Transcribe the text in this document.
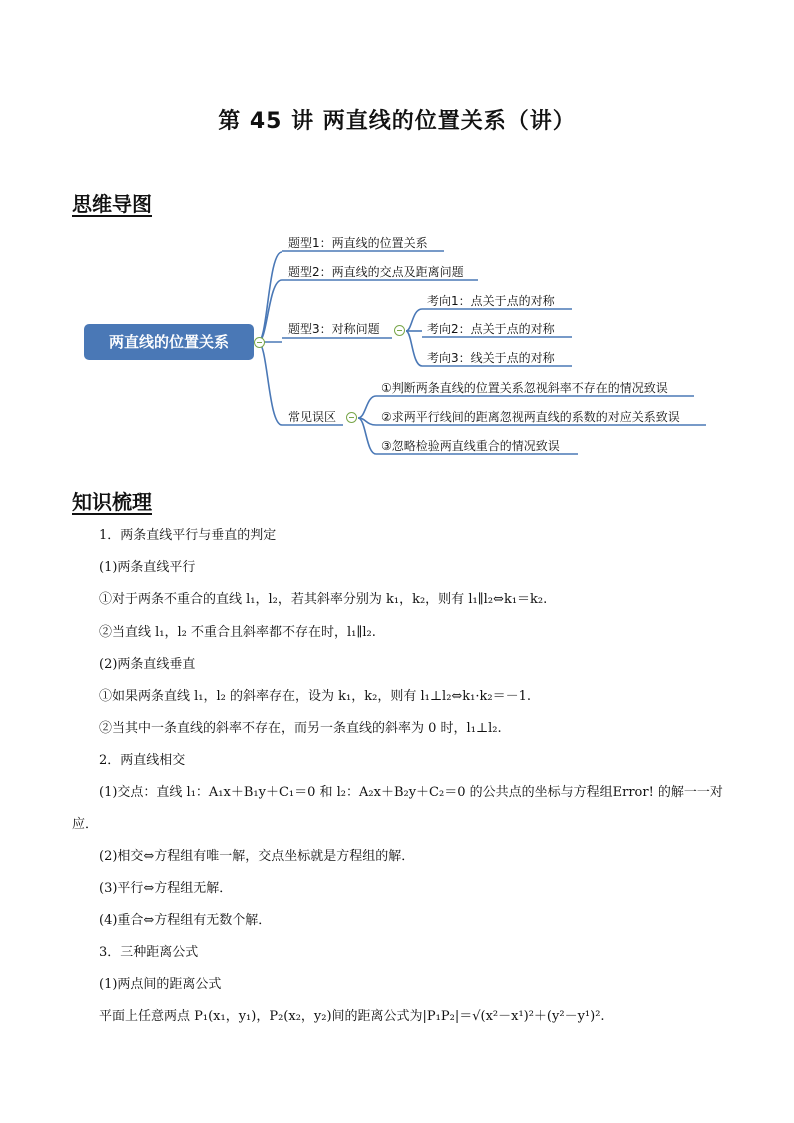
第 45 讲 两直线的位置关系（讲）
思维导图
两直线的位置关系
题型1：两直线的位置关系
题型2：两直线的交点及距离问题
题型3：对称问题
考向1：点关于点的对称
考向2：点关于点的对称
考向3：线关于点的对称
常见误区
①判断两条直线的位置关系忽视斜率不存在的情况致误
②求两平行线间的距离忽视两直线的系数的对应关系致误
③忽略检验两直线重合的情况致误
知识梳理
1．两条直线平行与垂直的判定
(1)两条直线平行
①对于两条不重合的直线 l₁，l₂，若其斜率分别为 k₁，k₂，则有 l₁∥l₂⇔k₁＝k₂.
②当直线 l₁，l₂ 不重合且斜率都不存在时，l₁∥l₂.
(2)两条直线垂直
①如果两条直线 l₁，l₂ 的斜率存在，设为 k₁，k₂，则有 l₁⊥l₂⇔k₁·k₂＝－1.
②当其中一条直线的斜率不存在，而另一条直线的斜率为 0 时，l₁⊥l₂.
2．两直线相交
(1)交点：直线 l₁：A₁x＋B₁y＋C₁＝0 和 l₂：A₂x＋B₂y＋C₂＝0 的公共点的坐标与方程组Error! 的解一一对
应．
(2)相交⇔方程组有唯一解，交点坐标就是方程组的解．
(3)平行⇔方程组无解．
(4)重合⇔方程组有无数个解．
3．三种距离公式
(1)两点间的距离公式
平面上任意两点 P₁(x₁，y₁)，P₂(x₂，y₂)间的距离公式为|P₁P₂|＝√(x²－x¹)²＋(y²－y¹)².
